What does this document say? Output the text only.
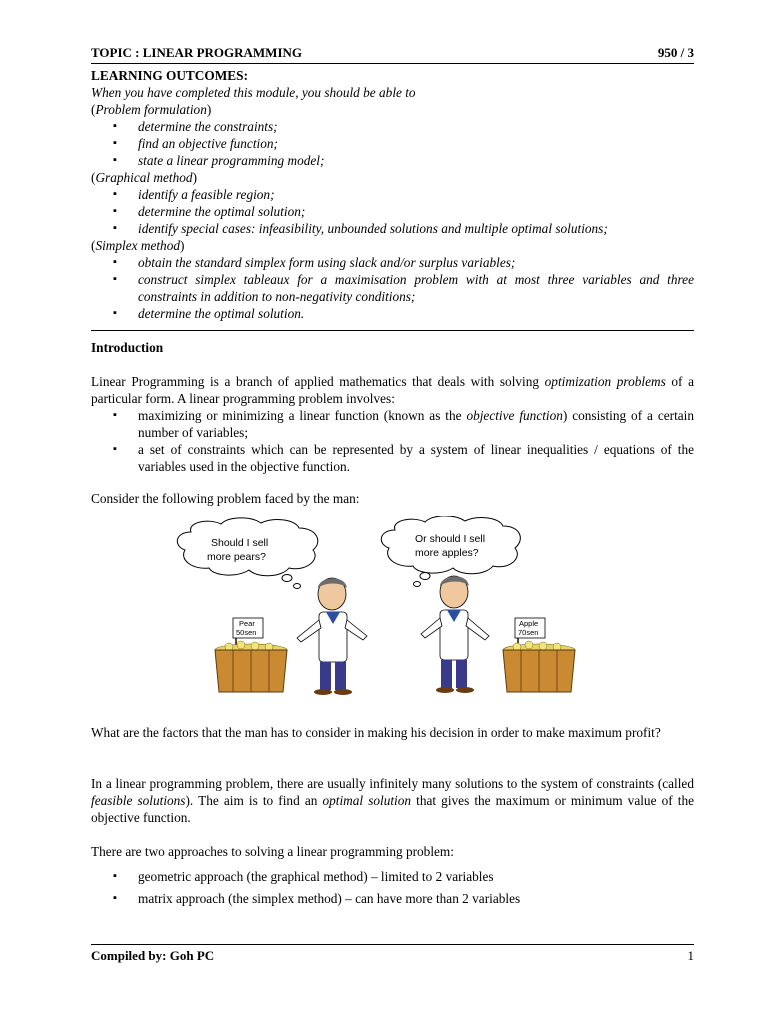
TOPIC : LINEAR PROGRAMMING	950 / 3

LEARNING OUTCOMES:

When you have completed this module, you should be able to

(Problem formulation)

▪ determine the constraints;
▪ find an objective function;
▪ state a linear programming model;

(Graphical method)

▪ identify a feasible region;
▪ determine the optimal solution;
▪ identify special cases: infeasibility, unbounded solutions and multiple optimal solutions;

(Simplex method)

▪ obtain the standard simplex form using slack and/or surplus variables;
▪ construct simplex tableaux for a maximisation problem with at most three variables and three constraints in addition to non-negativity conditions;
▪ determine the optimal solution.

Introduction

Linear Programming is a branch of applied mathematics that deals with solving optimization problems of a particular form. A linear programming problem involves:

▪ maximizing or minimizing a linear function (known as the objective function) consisting of a certain number of variables;
▪ a set of constraints which can be represented by a system of linear inequalities / equations of the variables used in the objective function.

Consider the following problem faced by the man:

Should I sell
more pears?
Or should I sell
more apples?
Pear
50sen
Apple
70sen

What are the factors that the man has to consider in making his decision in order to make maximum profit?

In a linear programming problem, there are usually infinitely many solutions to the system of constraints (called feasible solutions). The aim is to find an optimal solution that gives the maximum or minimum value of the objective function.

There are two approaches to solving a linear programming problem:

▪ geometric approach (the graphical method) – limited to 2 variables
▪ matrix approach (the simplex method) – can have more than 2 variables
Compiled by: Goh PC	1
